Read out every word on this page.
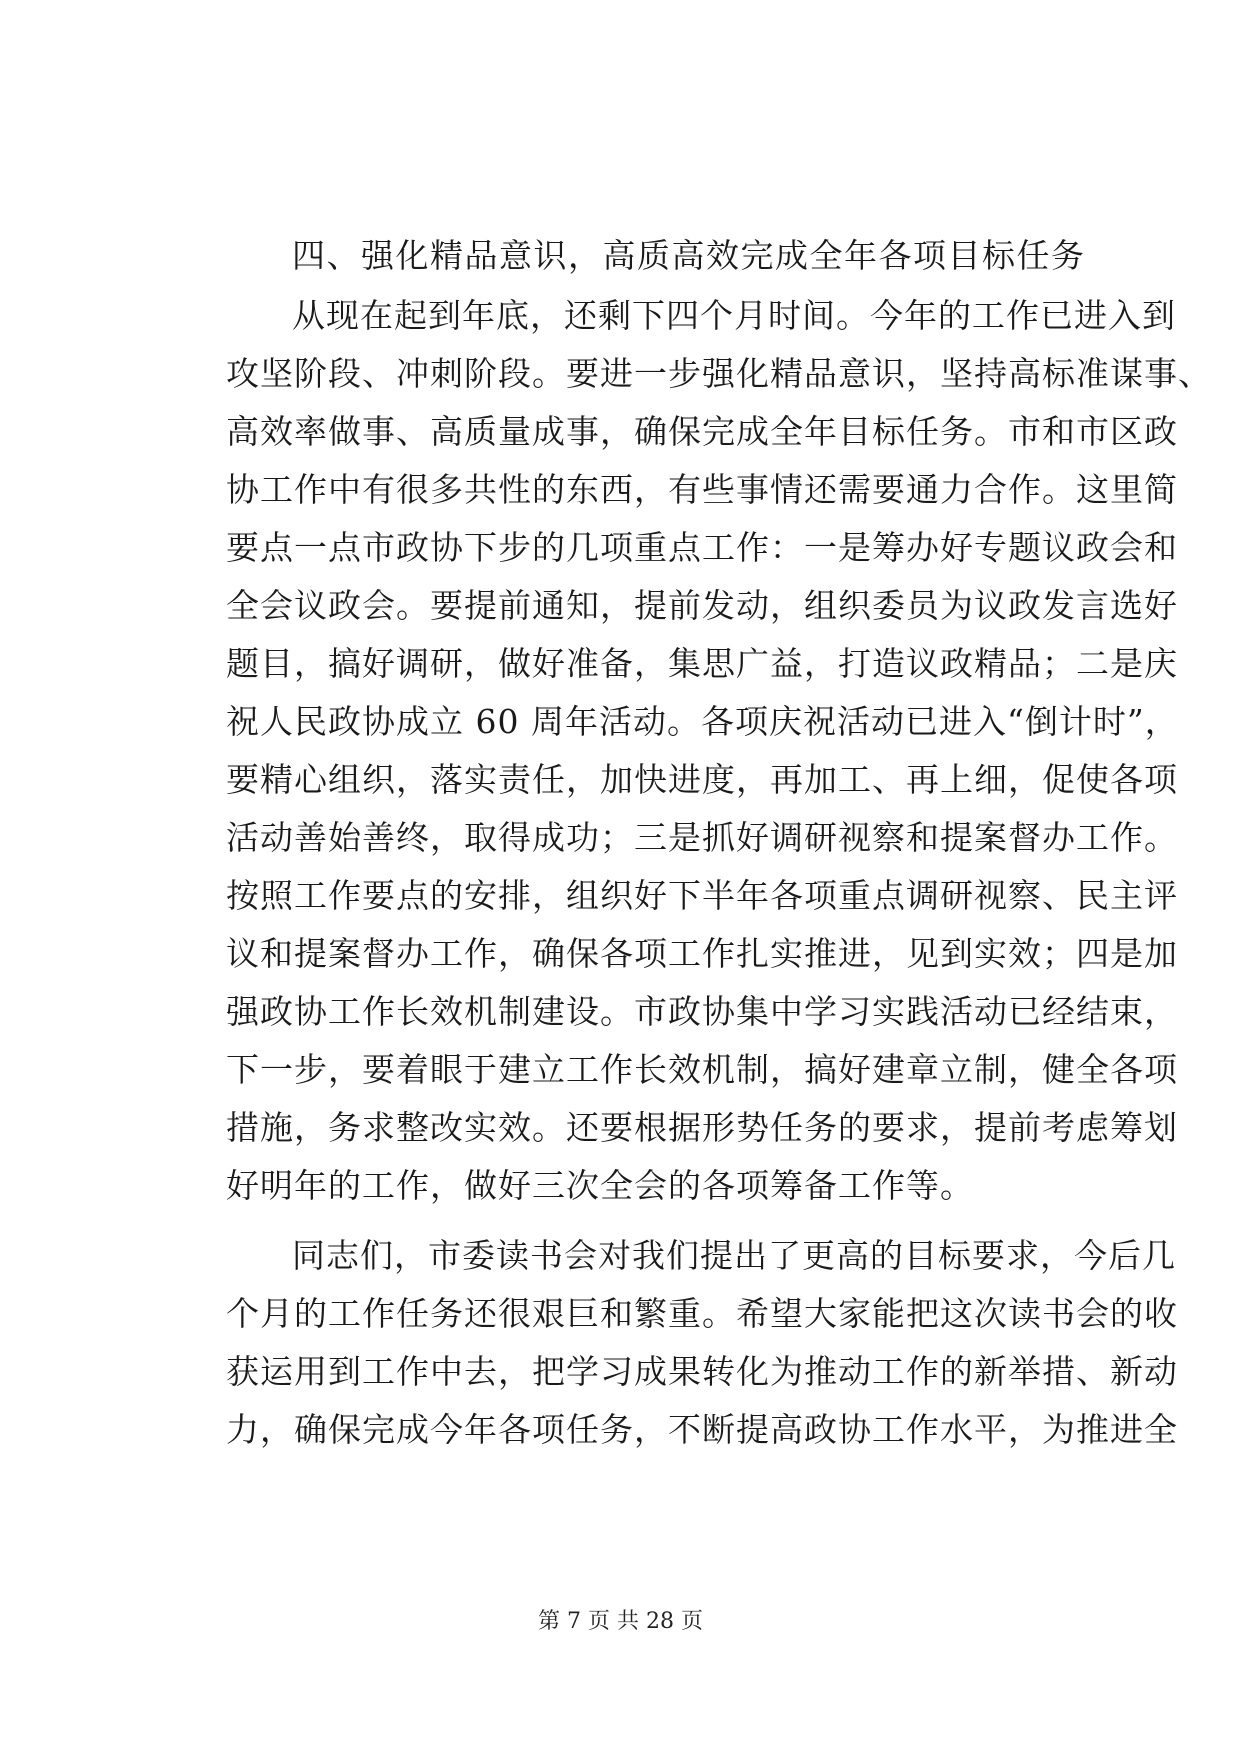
四、强化精品意识，高质高效完成全年各项目标任务
从现在起到年底，还剩下四个月时间。今年的工作已进入到
攻坚阶段、冲刺阶段。要进一步强化精品意识，坚持高标准谋事、
高效率做事、高质量成事，确保完成全年目标任务。市和市区政
协工作中有很多共性的东西，有些事情还需要通力合作。这里简
要点一点市政协下步的几项重点工作：一是筹办好专题议政会和
全会议政会。要提前通知，提前发动，组织委员为议政发言选好
题目，搞好调研，做好准备，集思广益，打造议政精品；二是庆
祝人民政协成立 60 周年活动。各项庆祝活动已进入“倒计时”，
要精心组织，落实责任，加快进度，再加工、再上细，促使各项
活动善始善终，取得成功；三是抓好调研视察和提案督办工作。
按照工作要点的安排，组织好下半年各项重点调研视察、民主评
议和提案督办工作，确保各项工作扎实推进，见到实效；四是加
强政协工作长效机制建设。市政协集中学习实践活动已经结束，
下一步，要着眼于建立工作长效机制，搞好建章立制，健全各项
措施，务求整改实效。还要根据形势任务的要求，提前考虑筹划
好明年的工作，做好三次全会的各项筹备工作等。
同志们，市委读书会对我们提出了更高的目标要求，今后几
个月的工作任务还很艰巨和繁重。希望大家能把这次读书会的收
获运用到工作中去，把学习成果转化为推动工作的新举措、新动
力，确保完成今年各项任务，不断提高政协工作水平，为推进全
第 7 页 共 28 页
